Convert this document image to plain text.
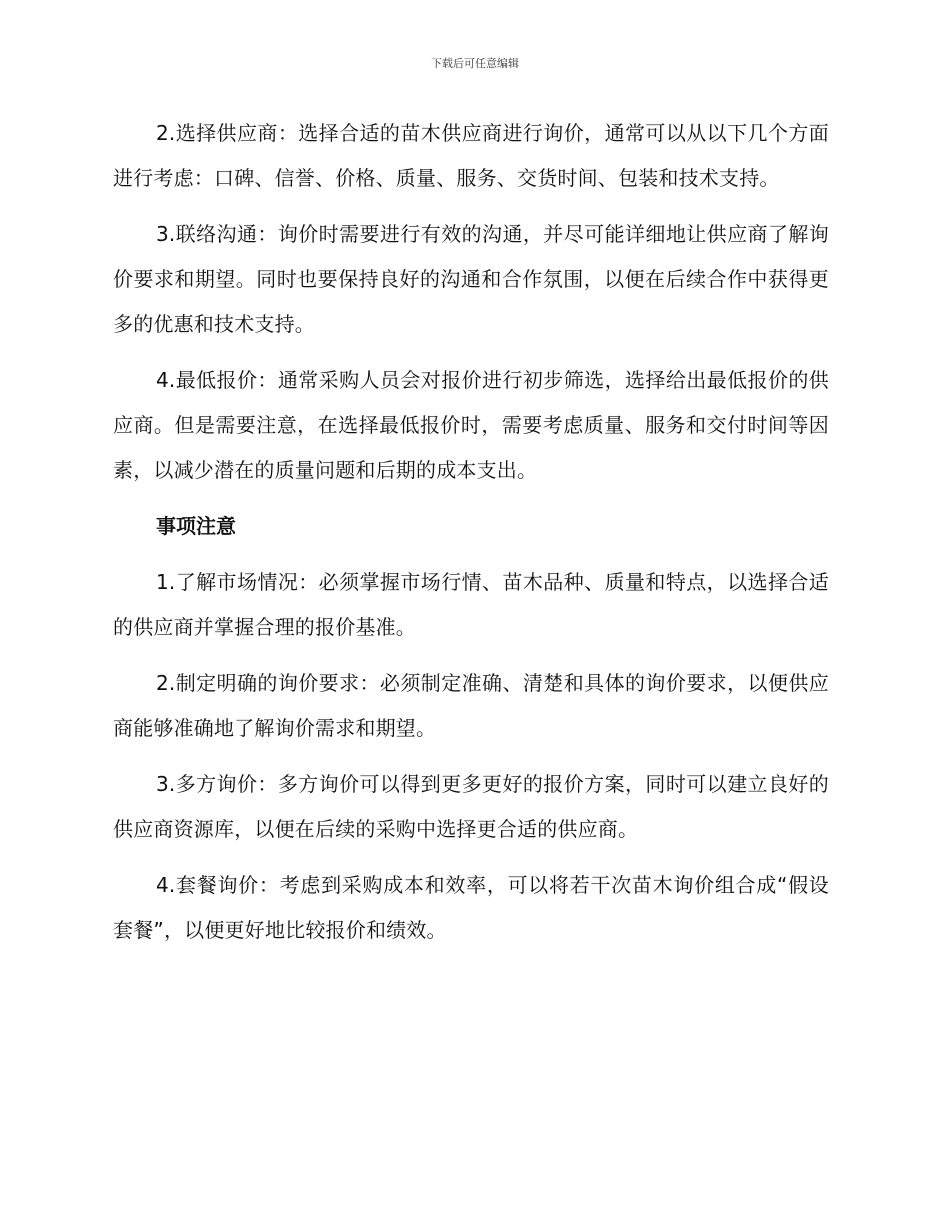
下载后可任意编辑

2.选择供应商：选择合适的苗木供应商进行询价，通常可以从以下几个方面进行考虑：口碑、信誉、价格、质量、服务、交货时间、包装和技术支持。

3.联络沟通：询价时需要进行有效的沟通，并尽可能详细地让供应商了解询价要求和期望。同时也要保持良好的沟通和合作氛围，以便在后续合作中获得更多的优惠和技术支持。

4.最低报价：通常采购人员会对报价进行初步筛选，选择给出最低报价的供应商。但是需要注意，在选择最低报价时，需要考虑质量、服务和交付时间等因素，以减少潜在的质量问题和后期的成本支出。

事项注意

1.了解市场情况：必须掌握市场行情、苗木品种、质量和特点，以选择合适的供应商并掌握合理的报价基准。

2.制定明确的询价要求：必须制定准确、清楚和具体的询价要求，以便供应商能够准确地了解询价需求和期望。

3.多方询价：多方询价可以得到更多更好的报价方案，同时可以建立良好的供应商资源库，以便在后续的采购中选择更合适的供应商。

4.套餐询价：考虑到采购成本和效率，可以将若干次苗木询价组合成“假设套餐”，以便更好地比较报价和绩效。
